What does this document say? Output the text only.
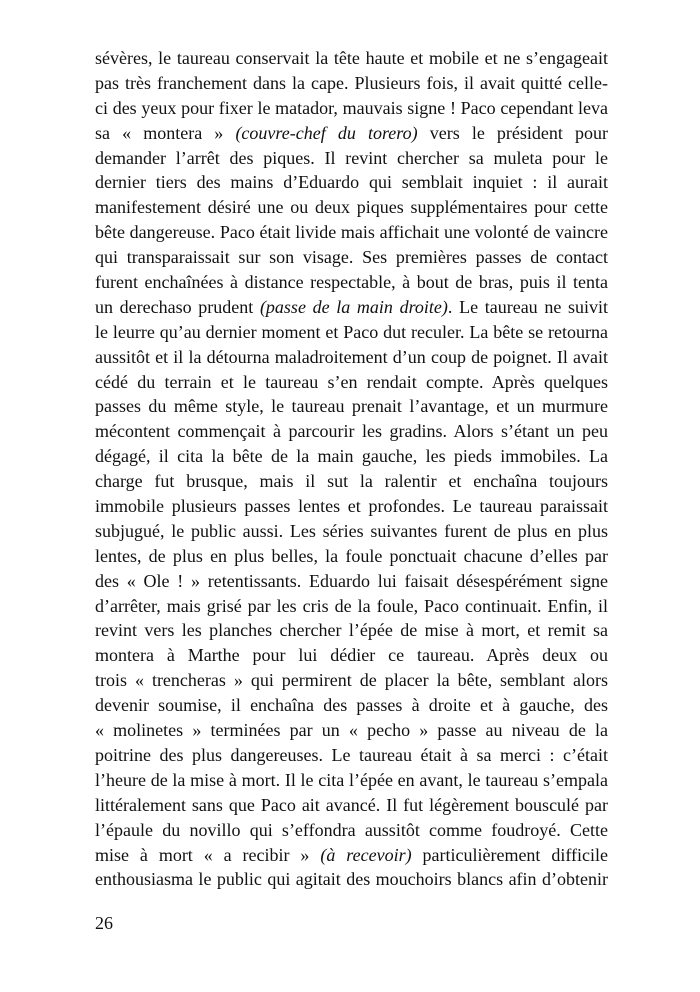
sévères, le taureau conservait la tête haute et mobile et ne s’engageait
pas très franchement dans la cape. Plusieurs fois, il avait quitté celle-
ci des yeux pour fixer le matador, mauvais signe ! Paco cependant leva
sa « montera » (couvre-chef du torero) vers le président pour
demander l’arrêt des piques. Il revint chercher sa muleta pour le
dernier tiers des mains d’Eduardo qui semblait inquiet : il aurait
manifestement désiré une ou deux piques supplémentaires pour cette
bête dangereuse. Paco était livide mais affichait une volonté de vaincre
qui transparaissait sur son visage. Ses premières passes de contact
furent enchaînées à distance respectable, à bout de bras, puis il tenta
un derechaso prudent (passe de la main droite). Le taureau ne suivit
le leurre qu’au dernier moment et Paco dut reculer. La bête se retourna
aussitôt et il la détourna maladroitement d’un coup de poignet. Il avait
cédé du terrain et le taureau s’en rendait compte. Après quelques
passes du même style, le taureau prenait l’avantage, et un murmure
mécontent commençait à parcourir les gradins. Alors s’étant un peu
dégagé, il cita la bête de la main gauche, les pieds immobiles. La
charge fut brusque, mais il sut la ralentir et enchaîna toujours
immobile plusieurs passes lentes et profondes. Le taureau paraissait
subjugué, le public aussi. Les séries suivantes furent de plus en plus
lentes, de plus en plus belles, la foule ponctuait chacune d’elles par
des « Ole ! » retentissants. Eduardo lui faisait désespérément signe
d’arrêter, mais grisé par les cris de la foule, Paco continuait. Enfin, il
revint vers les planches chercher l’épée de mise à mort, et remit sa
montera à Marthe pour lui dédier ce taureau. Après deux ou
trois « trencheras » qui permirent de placer la bête, semblant alors
devenir soumise, il enchaîna des passes à droite et à gauche, des
« molinetes » terminées par un « pecho » passe au niveau de la
poitrine des plus dangereuses. Le taureau était à sa merci : c’était
l’heure de la mise à mort. Il le cita l’épée en avant, le taureau s’empala
littéralement sans que Paco ait avancé. Il fut légèrement bousculé par
l’épaule du novillo qui s’effondra aussitôt comme foudroyé. Cette
mise à mort « a recibir » (à recevoir) particulièrement difficile
enthousiasma le public qui agitait des mouchoirs blancs afin d’obtenir
26
